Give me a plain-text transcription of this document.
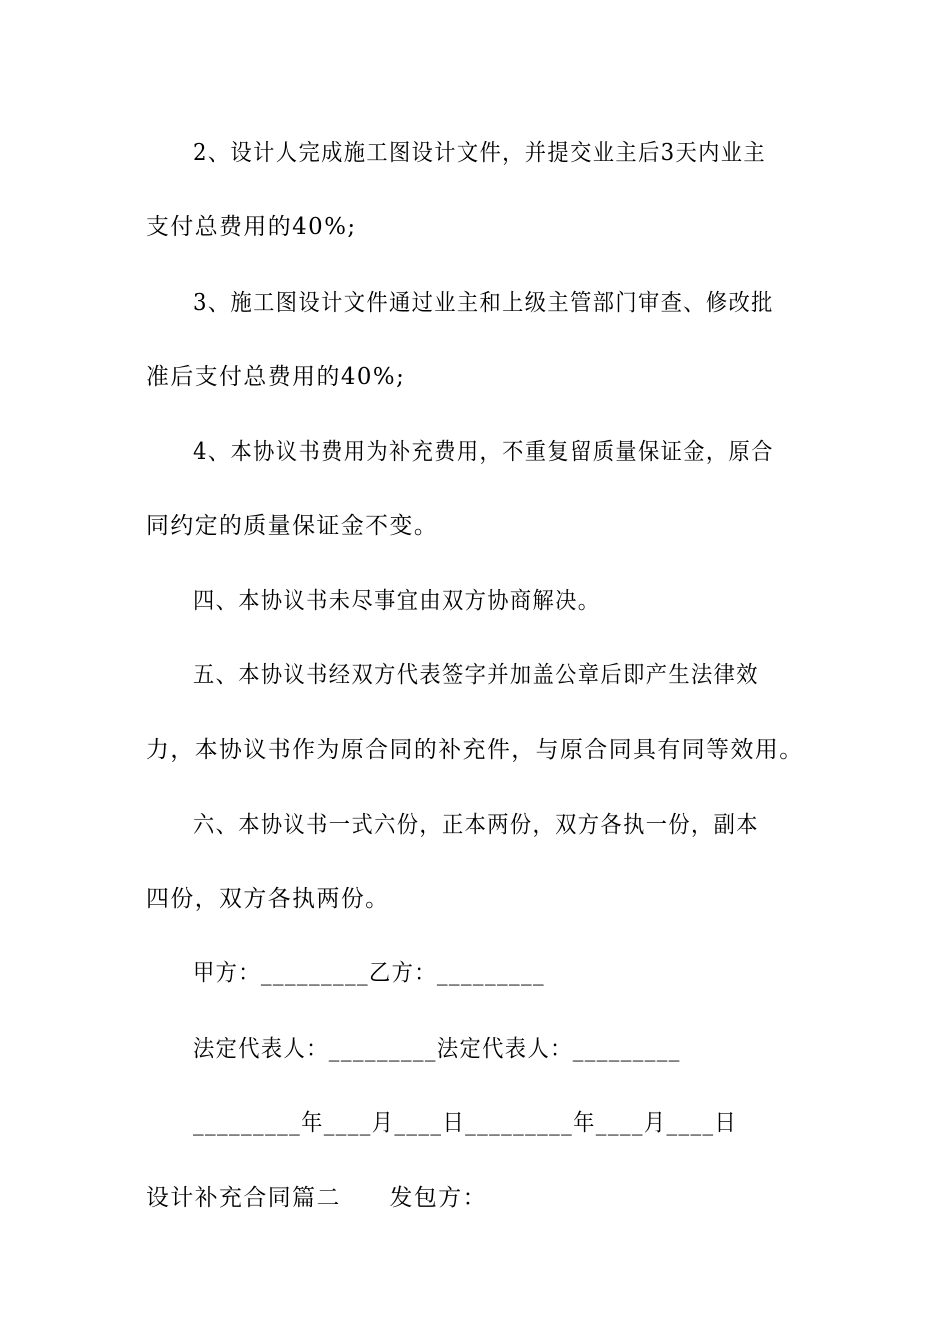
2、设计人完成施工图设计文件，并提交业主后3天内业主
支付总费用的40%;
3、施工图设计文件通过业主和上级主管部门审查、修改批
准后支付总费用的40%;
4、本协议书费用为补充费用，不重复留质量保证金，原合
同约定的质量保证金不变。
四、本协议书未尽事宜由双方协商解决。
五、本协议书经双方代表签字并加盖公章后即产生法律效
力，本协议书作为原合同的补充件，与原合同具有同等效用。
六、本协议书一式六份，正本两份，双方各执一份，副本
四份，双方各执两份。
甲方：_________乙方：_________
法定代表人：_________法定代表人：_________
_________年____月____日_________年____月____日
设计补充合同篇二　　发包方：
